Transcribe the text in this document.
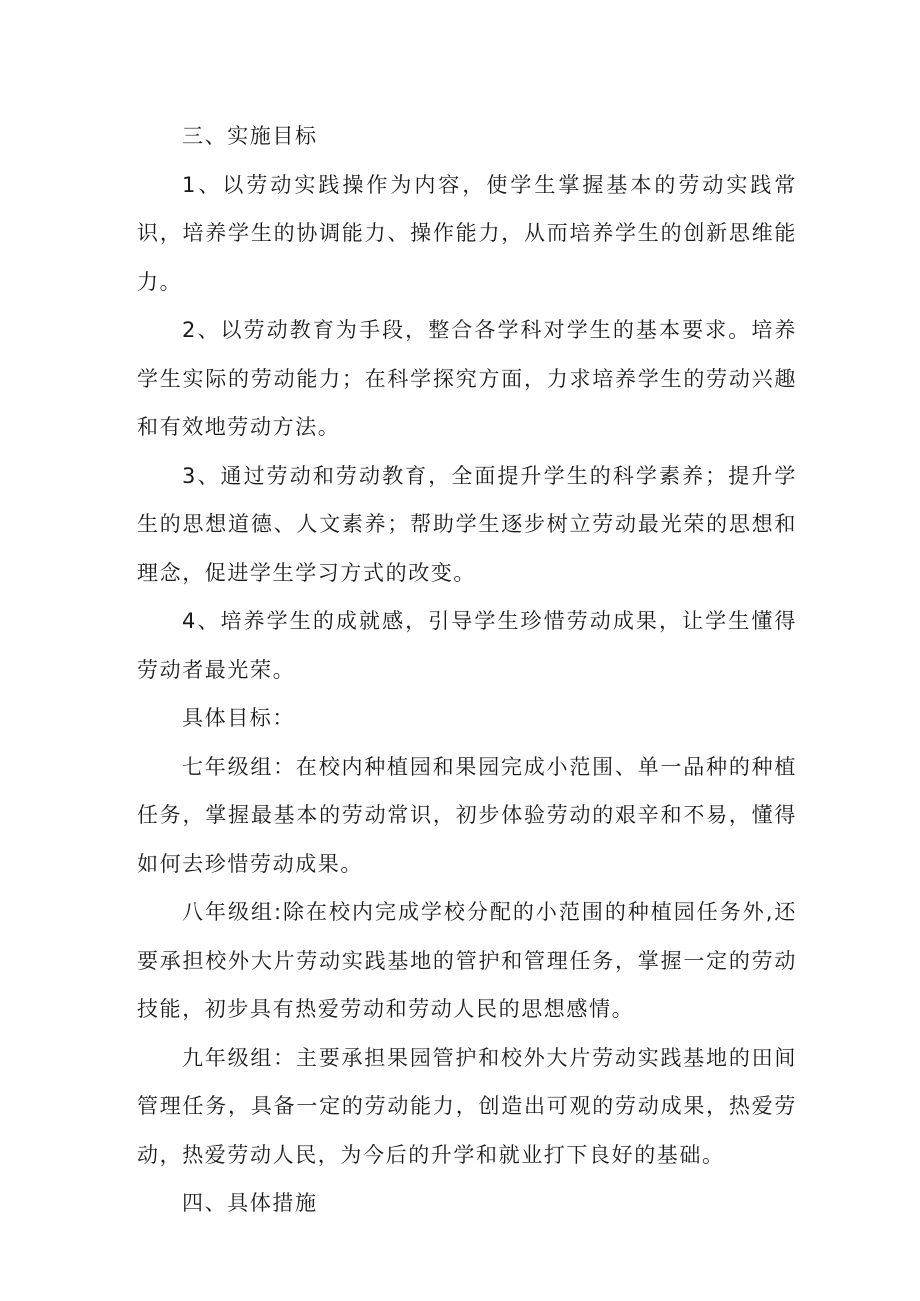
三、实施目标

1、以劳动实践操作为内容，使学生掌握基本的劳动实践常识，培养学生的协调能力、操作能力，从而培养学生的创新思维能力。

2、以劳动教育为手段，整合各学科对学生的基本要求。培养学生实际的劳动能力；在科学探究方面，力求培养学生的劳动兴趣和有效地劳动方法。

3、通过劳动和劳动教育，全面提升学生的科学素养；提升学生的思想道德、人文素养；帮助学生逐步树立劳动最光荣的思想和理念，促进学生学习方式的改变。

4、培养学生的成就感，引导学生珍惜劳动成果，让学生懂得劳动者最光荣。

具体目标：

七年级组：在校内种植园和果园完成小范围、单一品种的种植任务，掌握最基本的劳动常识，初步体验劳动的艰辛和不易，懂得如何去珍惜劳动成果。

八年级组:除在校内完成学校分配的小范围的种植园任务外,还要承担校外大片劳动实践基地的管护和管理任务，掌握一定的劳动技能，初步具有热爱劳动和劳动人民的思想感情。

九年级组：主要承担果园管护和校外大片劳动实践基地的田间管理任务，具备一定的劳动能力，创造出可观的劳动成果，热爱劳动，热爱劳动人民，为今后的升学和就业打下良好的基础。

四、具体措施
